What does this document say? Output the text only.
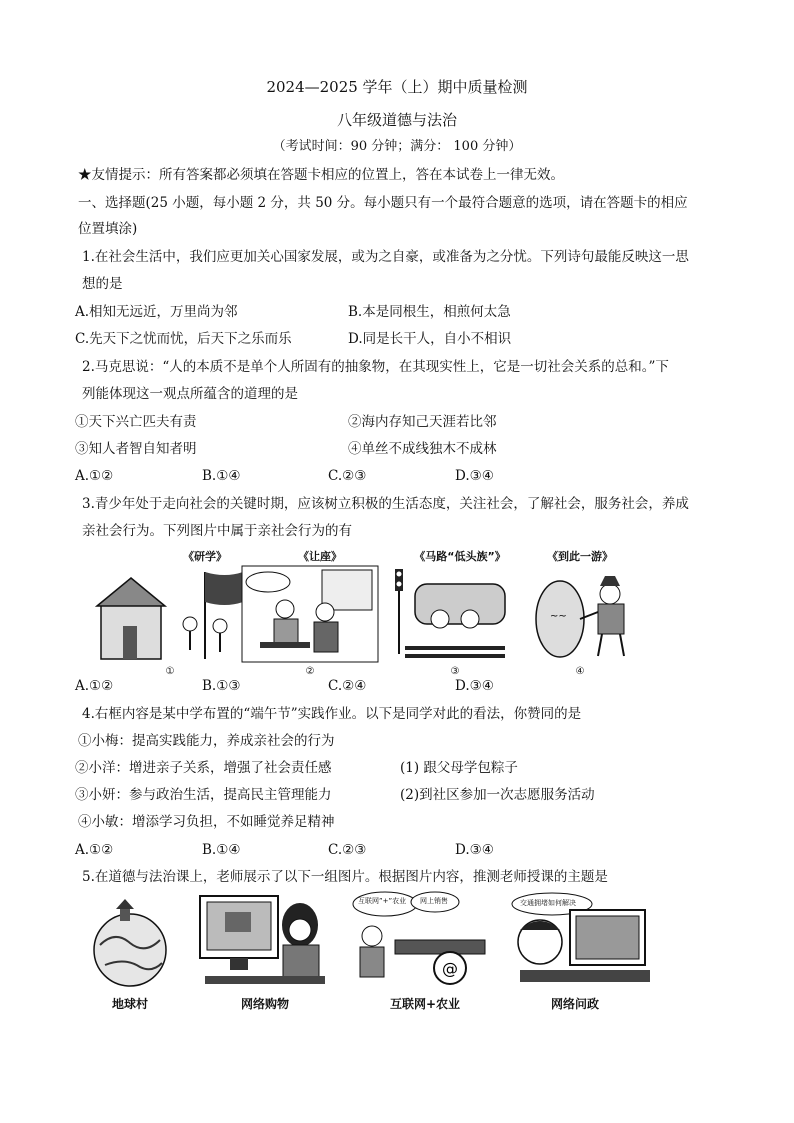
2024—2025 学年（上）期中质量检测
八年级道德与法治
（考试时间：90 分钟；满分： 100 分钟）
★友情提示：所有答案都必须填在答题卡相应的位置上，答在本试卷上一律无效。
一、选择题(25 小题，每小题 2 分，共 50 分。每小题只有一个最符合题意的选项，请在答题卡的相应
位置填涂)
1.在社会生活中，我们应更加关心国家发展，或为之自豪，或准备为之分忧。下列诗句最能反映这一思
想的是
A.相知无远近，万里尚为邻	B.本是同根生，相煎何太急
C.先天下之忧而忧，后天下之乐而乐	D.同是长干人，自小不相识
2.马克思说：“人的本质不是单个人所固有的抽象物，在其现实性上，它是一切社会关系的总和。”下
列能体现这一观点所蕴含的道理的是
①天下兴亡匹夫有责	②海内存知己天涯若比邻
③知人者智自知者明	④单丝不成线独木不成林
A.①②	B.①④	C.②③	D.③④
3.青少年处于走向社会的关键时期，应该树立积极的生活态度，关注社会，了解社会，服务社会，养成
亲社会行为。下列图片中属于亲社会行为的有
《研学》
①
《让座》
②
《马路“低头族”》
③
《到此一游》
~~
④
A.①②	B.①③	C.②④	D.③④
4.右框内容是某中学布置的“端午节”实践作业。以下是同学对此的看法，你赞同的是
①小梅：提高实践能力，养成亲社会的行为
②小洋：增进亲子关系，增强了社会责任感	(1) 跟父母学包粽子
③小妍：参与政治生活，提高民主管理能力	(2)到社区参加一次志愿服务活动
④小敏：增添学习负担，不如睡觉养足精神
A.①②	B.①④	C.②③	D.③④
5.在道德与法治课上，老师展示了以下一组图片。根据图片内容，推测老师授课的主题是
地球村	网络购物
@
互联网”+”农业 网上销售
互联网+农业
交通拥堵如何解决
网络问政
